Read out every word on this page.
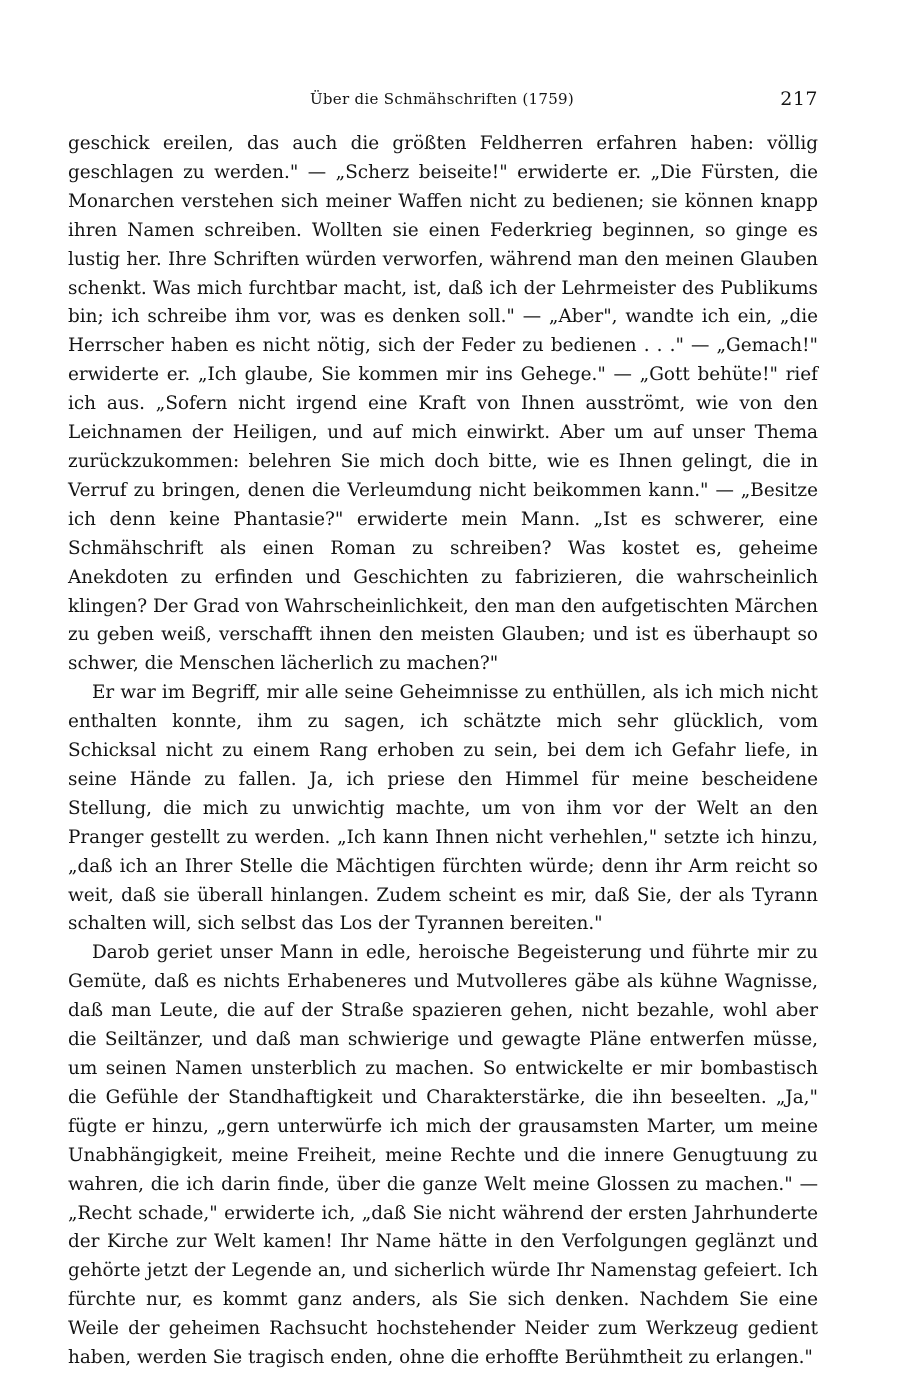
Über die Schmähschriften (1759)	217

geschick ereilen, das auch die größten Feldherren erfahren haben: völlig geschlagen zu werden." — „Scherz beiseite!" erwiderte er. „Die Fürsten, die Monarchen verstehen sich meiner Waffen nicht zu bedienen; sie können knapp ihren Namen schreiben. Wollten sie einen Federkrieg beginnen, so ginge es lustig her. Ihre Schriften würden verworfen, während man den meinen Glauben schenkt. Was mich furchtbar macht, ist, daß ich der Lehrmeister des Publikums bin; ich schreibe ihm vor, was es denken soll." — „Aber", wandte ich ein, „die Herrscher haben es nicht nötig, sich der Feder zu bedienen . . ." — „Gemach!" erwiderte er. „Ich glaube, Sie kommen mir ins Gehege." — „Gott behüte!" rief ich aus. „Sofern nicht irgend eine Kraft von Ihnen ausströmt, wie von den Leichnamen der Heiligen, und auf mich einwirkt. Aber um auf unser Thema zurückzukommen: belehren Sie mich doch bitte, wie es Ihnen gelingt, die in Verruf zu bringen, denen die Verleumdung nicht beikommen kann." — „Besitze ich denn keine Phantasie?" erwiderte mein Mann. „Ist es schwerer, eine Schmähschrift als einen Roman zu schreiben? Was kostet es, geheime Anekdoten zu erfinden und Geschichten zu fabrizieren, die wahrscheinlich klingen? Der Grad von Wahrscheinlichkeit, den man den aufgetischten Märchen zu geben weiß, verschafft ihnen den meisten Glauben; und ist es überhaupt so schwer, die Menschen lächerlich zu machen?"

Er war im Begriff, mir alle seine Geheimnisse zu enthüllen, als ich mich nicht enthalten konnte, ihm zu sagen, ich schätzte mich sehr glücklich, vom Schicksal nicht zu einem Rang erhoben zu sein, bei dem ich Gefahr liefe, in seine Hände zu fallen. Ja, ich priese den Himmel für meine bescheidene Stellung, die mich zu unwichtig machte, um von ihm vor der Welt an den Pranger gestellt zu werden. „Ich kann Ihnen nicht verhehlen," setzte ich hinzu, „daß ich an Ihrer Stelle die Mächtigen fürchten würde; denn ihr Arm reicht so weit, daß sie überall hinlangen. Zudem scheint es mir, daß Sie, der als Tyrann schalten will, sich selbst das Los der Tyrannen bereiten."

Darob geriet unser Mann in edle, heroische Begeisterung und führte mir zu Gemüte, daß es nichts Erhabeneres und Mutvolleres gäbe als kühne Wagnisse, daß man Leute, die auf der Straße spazieren gehen, nicht bezahle, wohl aber die Seiltänzer, und daß man schwierige und gewagte Pläne entwerfen müsse, um seinen Namen unsterblich zu machen. So entwickelte er mir bombastisch die Gefühle der Standhaftigkeit und Charakterstärke, die ihn beseelten. „Ja," fügte er hinzu, „gern unterwürfe ich mich der grausamsten Marter, um meine Unabhängigkeit, meine Freiheit, meine Rechte und die innere Genugtuung zu wahren, die ich darin finde, über die ganze Welt meine Glossen zu machen." — „Recht schade," erwiderte ich, „daß Sie nicht während der ersten Jahrhunderte der Kirche zur Welt kamen! Ihr Name hätte in den Verfolgungen geglänzt und gehörte jetzt der Legende an, und sicherlich würde Ihr Namenstag gefeiert. Ich fürchte nur, es kommt ganz anders, als Sie sich denken. Nachdem Sie eine Weile der geheimen Rachsucht hochstehender Neider zum Werkzeug gedient haben, werden Sie tragisch enden, ohne die erhoffte Berühmtheit zu erlangen."
